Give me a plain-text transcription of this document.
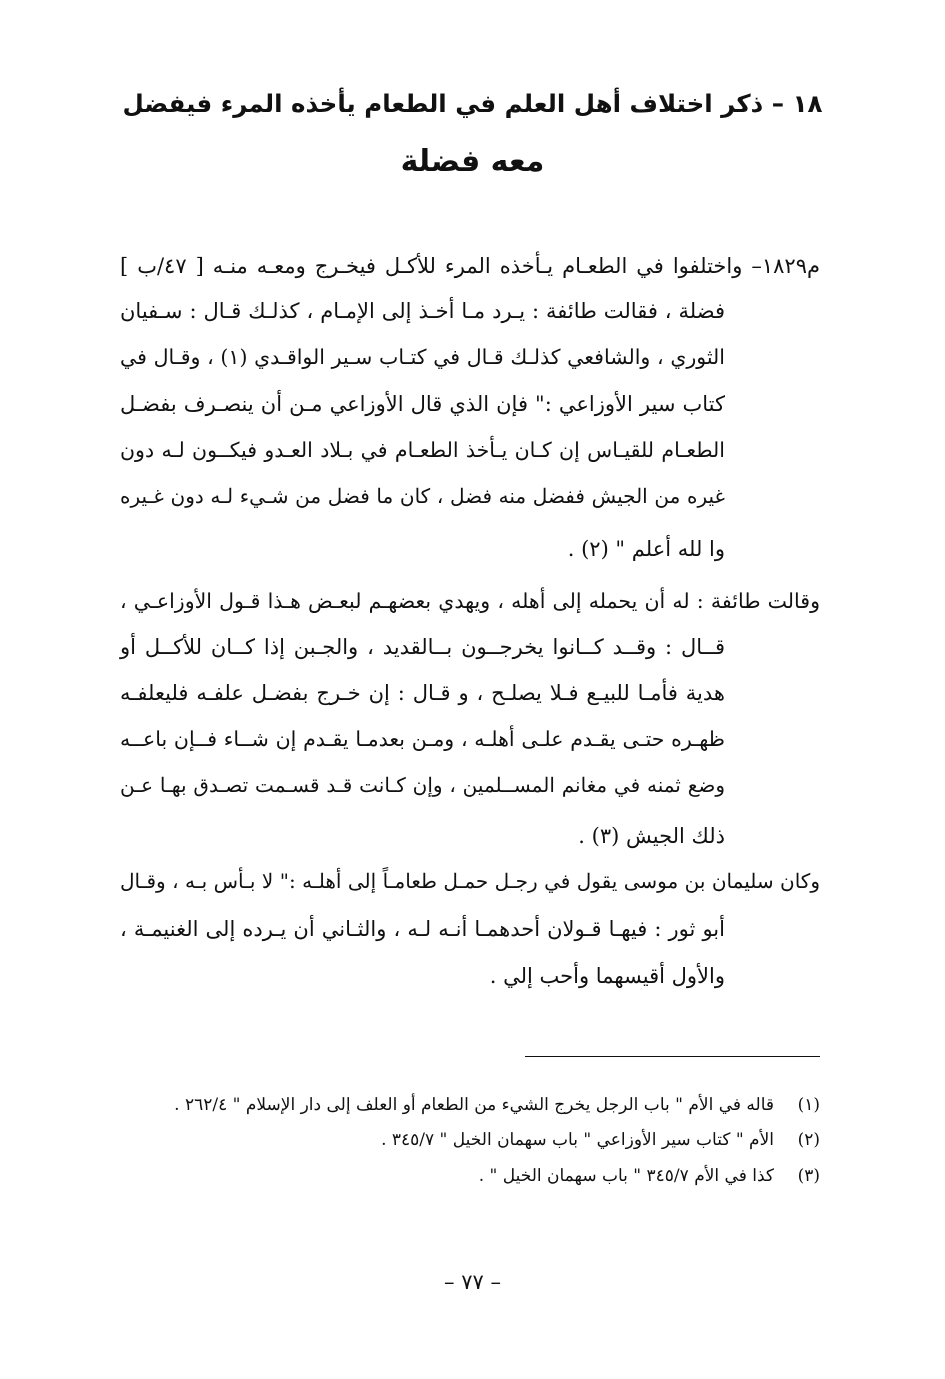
١٨ – ذكر اختلاف أهل العلم في الطعام يأخذه المرء فيفضل
معه فضلة
م١٨٢٩– واختلفوا في الطعـام يـأخذه المرء للأكـل فيخـرج ومعـه منـه [ ٤٧/ب ]
فضلة ، فقالت طائفة : يـرد مـا أخـذ إلى الإمـام ، كذلـك قـال : سـفيان
الثوري ، والشافعي كذلـك قـال في كتـاب سـير الواقـدي (١) ، وقـال في
كتاب سير الأوزاعي :" فإن الذي قال الأوزاعي مـن أن ينصـرف بفضـل
الطعـام للقيـاس إن كـان يـأخذ الطعـام في بـلاد العـدو فيكــون لـه دون
غيره من الجيش ففضل منه فضل ، كان ما فضل من شـيء لـه دون غـيره
وا لله أعلم " (٢) .
وقالت طائفة : له أن يحمله إلى أهله ، ويهدي بعضهـم لبعـض هـذا قـول الأوزاعـي ،
قــال : وقــد كــانوا يخرجــون بــالقديد ، والجـبن إذا كــان للأكــل أو
هدية فأمـا للبيـع فـلا يصلـح ، و قـال : إن خـرج بفضـل علفـه فليعلفـه
ظهـره حتـى يقـدم علـى أهلـه ، ومـن بعدمـا يقـدم إن شــاء فــإن باعــه
وضع ثمنه في مغانم المســلمين ، وإن كـانت قـد قسـمت تصـدق بهـا عـن
ذلك الجيش (٣) .
وكان سليمان بن موسى يقول في رجـل حمـل طعامـاً إلى أهلـه :" لا بـأس بـه ، وقـال
أبو ثور : فيهـا قـولان أحدهمـا أنـه لـه ، والثـاني أن يـرده إلى الغنيمـة ،
والأول أقيسهما وأحب إلي .
(١)قاله في الأم " باب الرجل يخرج الشيء من الطعام أو العلف إلى دار الإسلام " ٢٦٢/٤ .
(٢)الأم " كتاب سير الأوزاعي " باب سهمان الخيل " ٣٤٥/٧ .
(٣)كذا في الأم ٣٤٥/٧ " باب سهمان الخيل " .
– ٧٧ –
